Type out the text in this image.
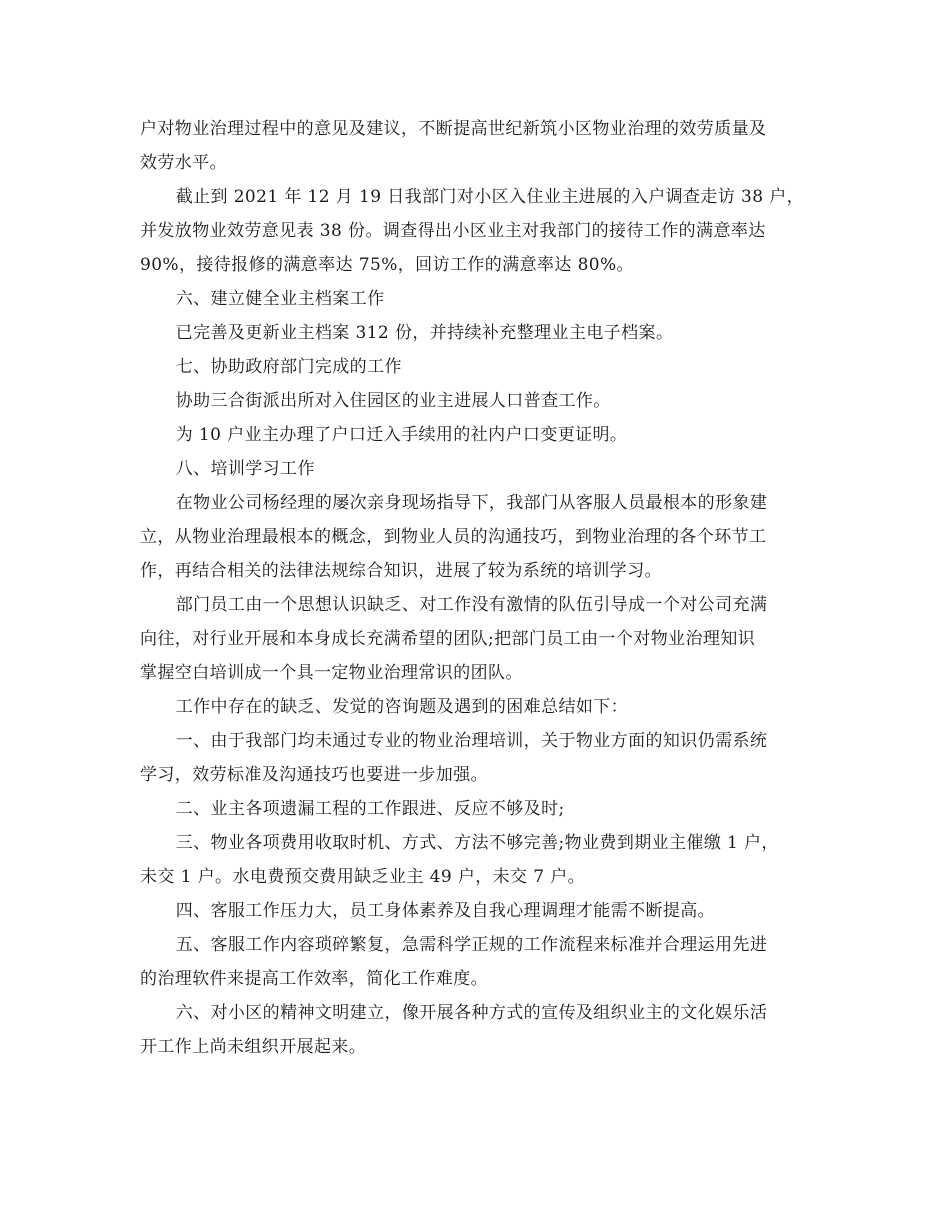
户对物业治理过程中的意见及建议，不断提高世纪新筑小区物业治理的效劳质量及
效劳水平。
截止到 2021 年 12 月 19 日我部门对小区入住业主进展的入户调查走访 38 户，
并发放物业效劳意见表 38 份。调查得出小区业主对我部门的接待工作的满意率达
90%，接待报修的满意率达 75%，回访工作的满意率达 80%。
六、建立健全业主档案工作
已完善及更新业主档案 312 份，并持续补充整理业主电子档案。
七、协助政府部门完成的工作
协助三合街派出所对入住园区的业主进展人口普查工作。
为 10 户业主办理了户口迁入手续用的社内户口变更证明。
八、培训学习工作
在物业公司杨经理的屡次亲身现场指导下，我部门从客服人员最根本的形象建
立，从物业治理最根本的概念，到物业人员的沟通技巧，到物业治理的各个环节工
作，再结合相关的法律法规综合知识，进展了较为系统的培训学习。
部门员工由一个思想认识缺乏、对工作没有激情的队伍引导成一个对公司充满
向往，对行业开展和本身成长充满希望的团队;把部门员工由一个对物业治理知识
掌握空白培训成一个具一定物业治理常识的团队。
工作中存在的缺乏、发觉的咨询题及遇到的困难总结如下：
一、由于我部门均未通过专业的物业治理培训，关于物业方面的知识仍需系统
学习，效劳标准及沟通技巧也要进一步加强。
二、业主各项遗漏工程的工作跟进、反应不够及时;
三、物业各项费用收取时机、方式、方法不够完善;物业费到期业主催缴 1 户，
未交 1 户。水电费预交费用缺乏业主 49 户，未交 7 户。
四、客服工作压力大，员工身体素养及自我心理调理才能需不断提高。
五、客服工作内容琐碎繁复，急需科学正规的工作流程来标准并合理运用先进
的治理软件来提高工作效率，简化工作难度。
六、对小区的精神文明建立，像开展各种方式的宣传及组织业主的文化娱乐活
开工作上尚未组织开展起来。
